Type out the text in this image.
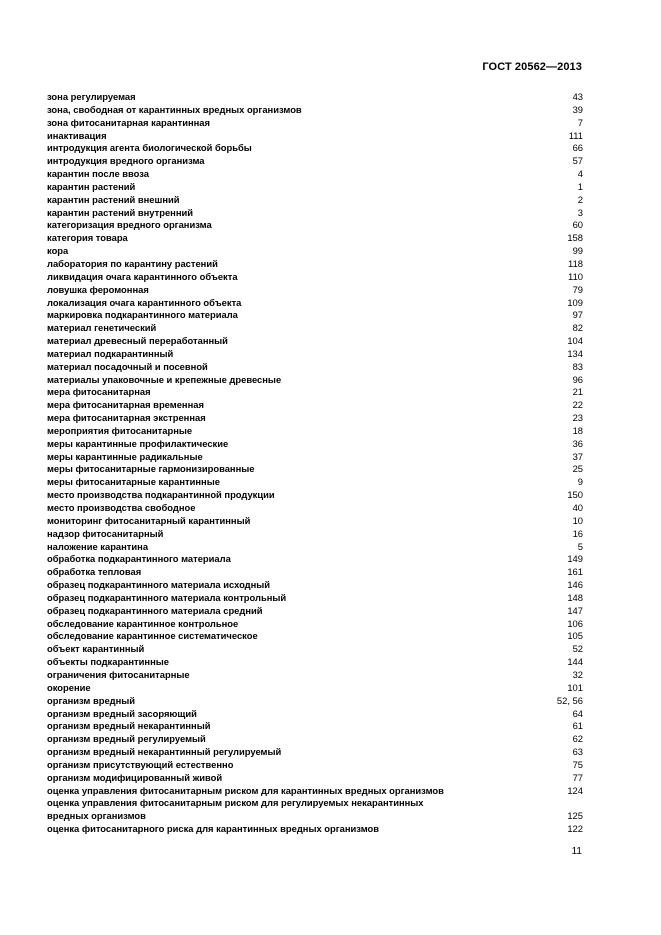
ГОСТ 20562—2013
зона регулируемая	43
зона, свободная от карантинных вредных организмов	39
зона фитосанитарная карантинная	7
инактивация	111
интродукция агента биологической борьбы	66
интродукция вредного организма	57
карантин после ввоза	4
карантин растений	1
карантин растений внешний	2
карантин растений внутренний	3
категоризация вредного организма	60
категория товара	158
кора	99
лаборатория по карантину растений	118
ликвидация очага карантинного объекта	110
ловушка феромонная	79
локализация очага карантинного объекта	109
маркировка подкарантинного материала	97
материал генетический	82
материал древесный переработанный	104
материал подкарантинный	134
материал посадочный и посевной	83
материалы упаковочные и крепежные древесные	96
мера фитосанитарная	21
мера фитосанитарная временная	22
мера фитосанитарная экстренная	23
мероприятия фитосанитарные	18
меры карантинные профилактические	36
меры карантинные радикальные	37
меры фитосанитарные гармонизированные	25
меры фитосанитарные карантинные	9
место производства подкарантинной продукции	150
место производства свободное	40
мониторинг фитосанитарный карантинный	10
надзор фитосанитарный	16
наложение карантина	5
обработка подкарантинного материала	149
обработка тепловая	161
образец подкарантинного материала исходный	146
образец подкарантинного материала контрольный	148
образец подкарантинного материала средний	147
обследование карантинное контрольное	106
обследование карантинное систематическое	105
объект карантинный	52
объекты подкарантинные	144
ограничения фитосанитарные	32
окорение	101
организм вредный	52, 56
организм вредный засоряющий	64
организм вредный некарантинный	61
организм вредный регулируемый	62
организм вредный некарантинный регулируемый	63
организм присутствующий естественно	75
организм модифицированный живой	77
оценка управления фитосанитарным риском для карантинных вредных организмов	124
оценка управления фитосанитарным риском для регулируемых некарантинных
вредных организмов	125
оценка фитосанитарного риска для карантинных вредных организмов	122
11
